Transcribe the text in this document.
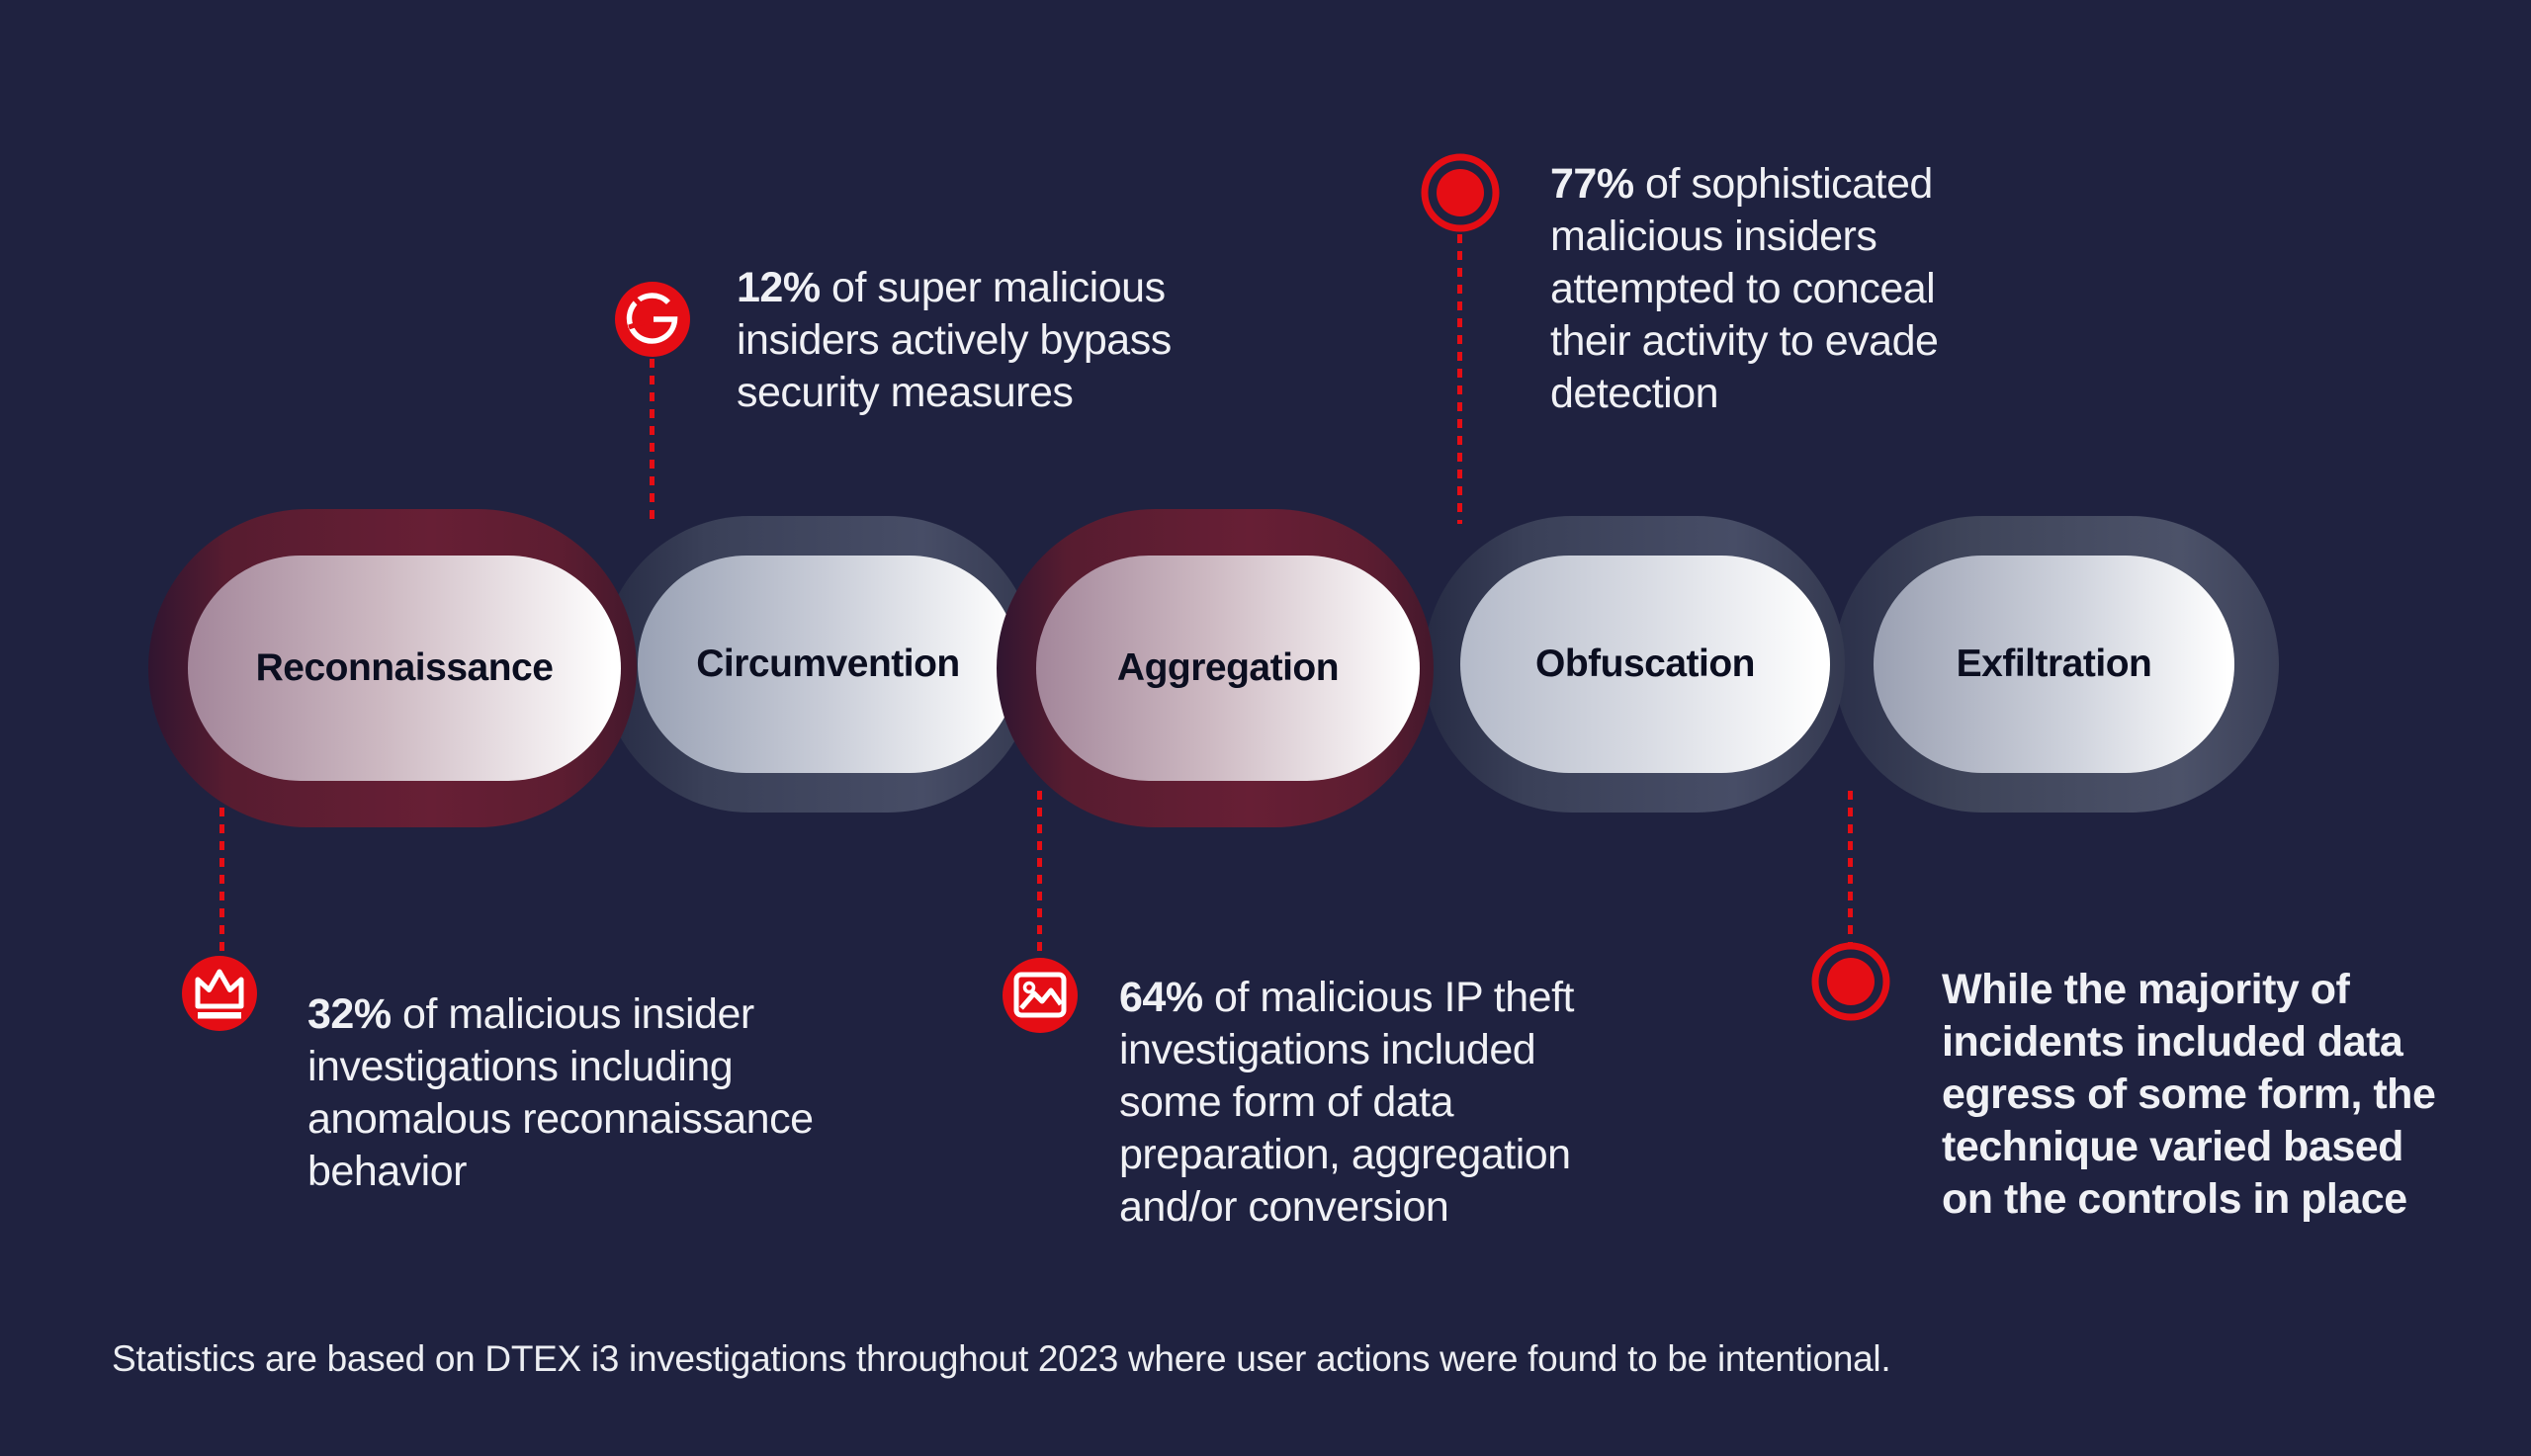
Reconnaissance	Circumvention	Aggregation	Obfuscation	Exfiltration
32% of malicious insider
investigations including
anomalous reconnaissance
behavior
12% of super malicious
insiders actively bypass
security measures
64% of malicious IP theft
investigations included
some form of data
preparation, aggregation
and/or conversion
77% of sophisticated
malicious insiders
attempted to conceal
their activity to evade
detection
While the majority of
incidents included data
egress of some form, the
technique varied based
on the controls in place
Statistics are based on DTEX i3 investigations throughout 2023 where user actions were found to be intentional.
